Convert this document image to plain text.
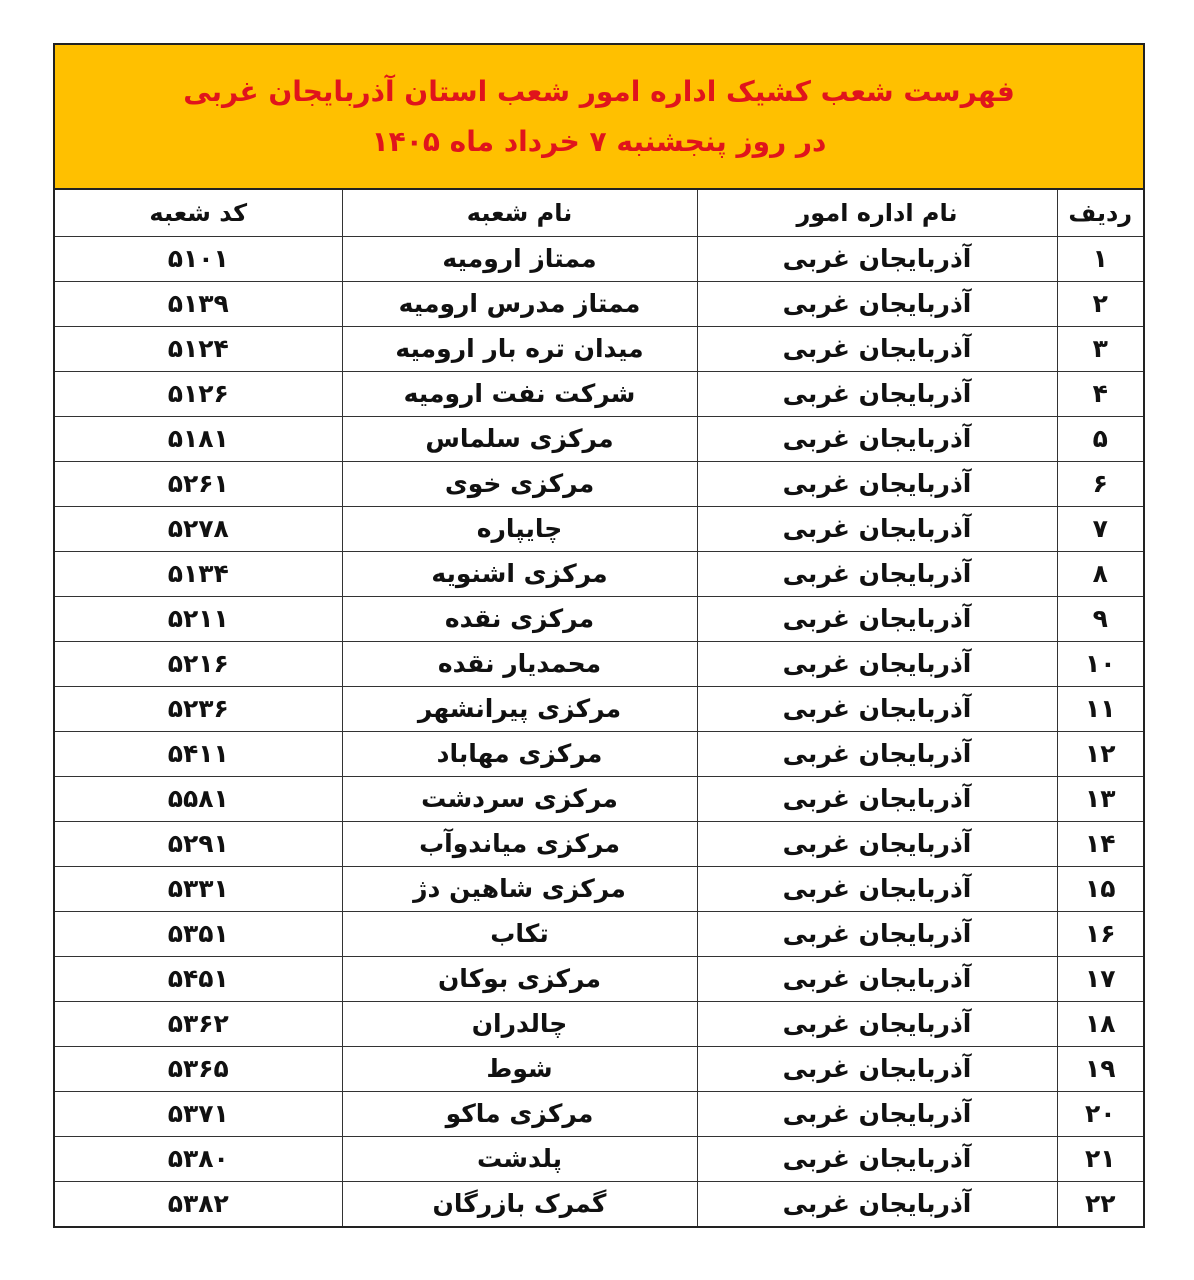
فهرست شعب کشیک اداره امور شعب استان آذربایجان غربی
در روز پنجشنبه ۷ خرداد ماه ۱۴۰۵
ردیف	نام اداره امور	نام شعبه	کد شعبه
۱	آذربایجان غربی	ممتاز ارومیه	۵۱۰۱
۲	آذربایجان غربی	ممتاز مدرس ارومیه	۵۱۳۹
۳	آذربایجان غربی	میدان تره بار ارومیه	۵۱۲۴
۴	آذربایجان غربی	شرکت نفت ارومیه	۵۱۲۶
۵	آذربایجان غربی	مرکزی سلماس	۵۱۸۱
۶	آذربایجان غربی	مرکزی خوی	۵۲۶۱
۷	آذربایجان غربی	چایپاره	۵۲۷۸
۸	آذربایجان غربی	مرکزی اشنویه	۵۱۳۴
۹	آذربایجان غربی	مرکزی نقده	۵۲۱۱
۱۰	آذربایجان غربی	محمدیار نقده	۵۲۱۶
۱۱	آذربایجان غربی	مرکزی پیرانشهر	۵۲۳۶
۱۲	آذربایجان غربی	مرکزی مهاباد	۵۴۱۱
۱۳	آذربایجان غربی	مرکزی سردشت	۵۵۸۱
۱۴	آذربایجان غربی	مرکزی میاندوآب	۵۲۹۱
۱۵	آذربایجان غربی	مرکزی شاهین دژ	۵۳۳۱
۱۶	آذربایجان غربی	تکاب	۵۳۵۱
۱۷	آذربایجان غربی	مرکزی بوکان	۵۴۵۱
۱۸	آذربایجان غربی	چالدران	۵۳۶۲
۱۹	آذربایجان غربی	شوط	۵۳۶۵
۲۰	آذربایجان غربی	مرکزی ماکو	۵۳۷۱
۲۱	آذربایجان غربی	پلدشت	۵۳۸۰
۲۲	آذربایجان غربی	گمرک بازرگان	۵۳۸۲
